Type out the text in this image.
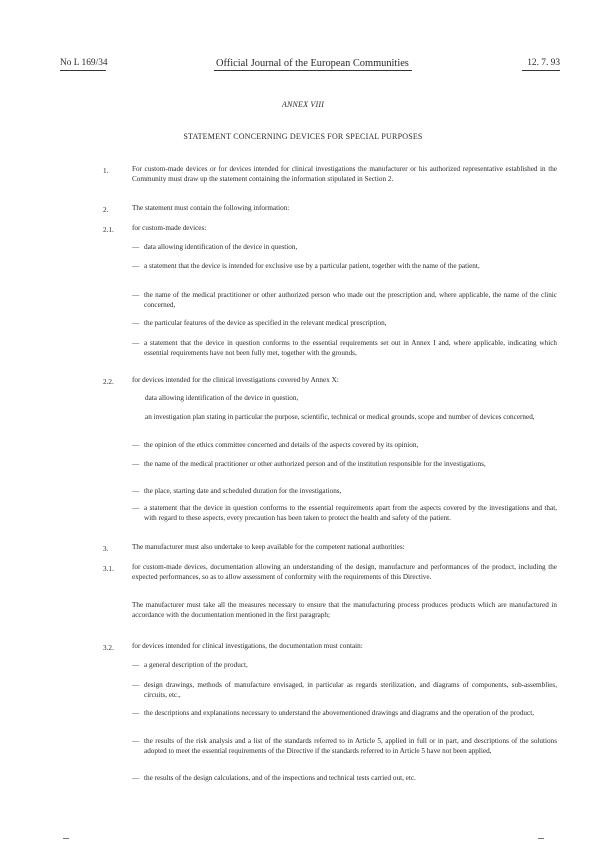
No L 169/34	Official Journal of the European Communities	12. 7. 93
ANNEX VIII
STATEMENT CONCERNING DEVICES FOR SPECIAL PURPOSES
1.	For custom-made devices or for devices intended for clinical investigations the manufacturer or his authorized representative established in the Community must draw up the statement containing the information stipulated in Section 2.
2.	The statement must contain the following information:
2.1.	for custom-made devices:
— data allowing identification of the device in question,
— a statement that the device is intended for exclusive use by a particular patient, together with the name of the patient,
— the name of the medical practitioner or other authorized person who made out the prescription and, where applicable, the name of the clinic concerned,
— the particular features of the device as specified in the relevant medical prescription,
— a statement that the device in question conforms to the essential requirements set out in Annex I and, where applicable, indicating which essential requirements have not been fully met, together with the grounds,
2.2.	for devices intended for the clinical investigations covered by Annex X:
data allowing identification of the device in question,
an investigation plan stating in particular the purpose, scientific, technical or medical grounds, scope and number of devices concerned,
— the opinion of the ethics committee concerned and details of the aspects covered by its opinion,
— the name of the medical practitioner or other authorized person and of the institution responsible for the investigations,
— the place, starting date and scheduled duration for the investigations,
— a statement that the device in question conforms to the essential requirements apart from the aspects covered by the investigations and that, with regard to these aspects, every precaution has been taken to protect the health and safety of the patient.
3.	The manufacturer must also undertake to keep available for the competent national authorities:
3.1.	for custom-made devices, documentation allowing an understanding of the design, manufacture and performances of the product, including the expected performances, so as to allow assessment of conformity with the requirements of this Directive.
The manufacturer must take all the measures necessary to ensure that the manufacturing process produces products which are manufactured in accordance with the documentation mentioned in the first paragraph;
3.2.	for devices intended for clinical investigations, the documentation must contain:
— a general description of the product,
— design drawings, methods of manufacture envisaged, in particular as regards sterilization, and diagrams of components, sub-assemblies, circuits, etc.,
— the descriptions and explanations necessary to understand the abovementioned drawings and diagrams and the operation of the product,
— the results of the risk analysis and a list of the standards referred to in Article 5, applied in full or in part, and descriptions of the solutions adopted to meet the essential requirements of the Directive if the standards referred to in Article 5 have not been applied,
— the results of the design calculations, and of the inspections and technical tests carried out, etc.
